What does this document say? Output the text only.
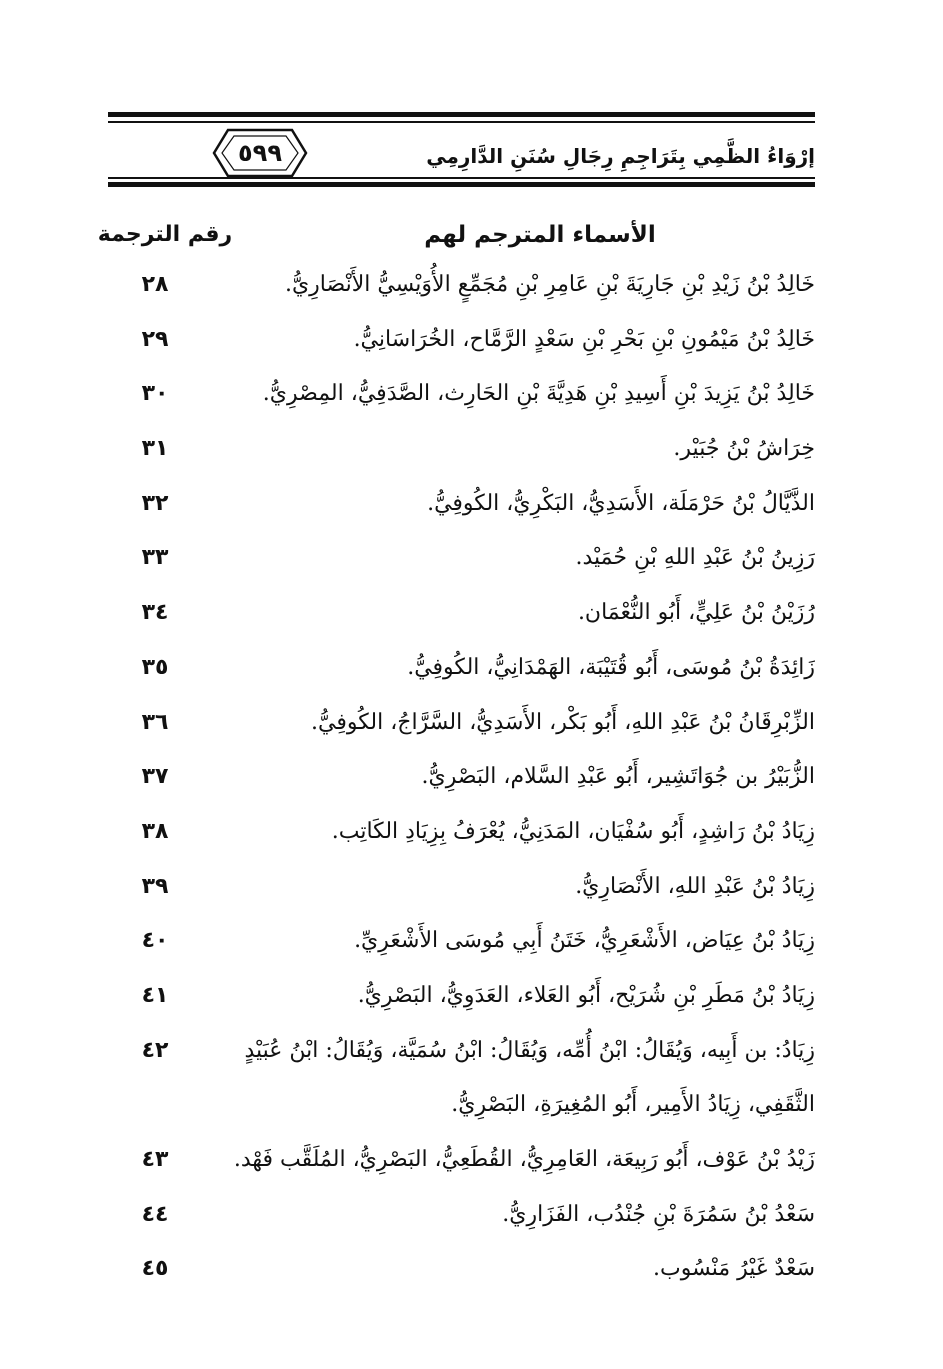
٥٩٩	إرْوَاءُ الظَّمِي بِتَرَاجِمِ رِجَالِ سُنَنِ الدَّارِمِي
الأسماء المترجم لهم
رقم الترجمة
خَالِدُ بْنُ زَيْدِ بْنِ جَارِيَةَ بْنِ عَامِرِ بْنِ مُجَمِّعٍ الأُوَيْسِيُّ الأَنْصَارِيُّ.
٢٨
خَالِدُ بْنُ مَيْمُونِ بْنِ بَحْرِ بْنِ سَعْدٍ الرَّمَّاح، الخُرَاسَانِيُّ.
٢٩
خَالِدُ بْنُ يَزِيدَ بْنِ أَسِيدِ بْنِ هَدِيَّةَ بْنِ الحَارِث، الصَّدَفِيُّ، المِصْرِيُّ.
٣٠
خِرَاشُ بْنُ جُبَيْر.
٣١
الذَّيَّالُ بْنُ حَرْمَلَة، الأَسَدِيُّ، البَكْرِيُّ، الكُوفِيُّ.
٣٢
رَزِينُ بْنُ عَبْدِ اللهِ بْنِ حُمَيْد.
٣٣
رُزَيْنُ بْنُ عَلِيٍّ، أَبُو النُّعْمَان.
٣٤
زَائِدَةُ بْنُ مُوسَى، أَبُو قُتَيْبَة، الهَمْدَانِيُّ، الكُوفِيُّ.
٣٥
الزِّبْرِقَانُ بْنُ عَبْدِ اللهِ، أَبُو بَكْر، الأَسَدِيُّ، السَّرَّاجُ، الكُوفِيُّ.
٣٦
الزُّبَيْرُ بن جُوَاتَشِير، أَبُو عَبْدِ السَّلام، البَصْرِيُّ.
٣٧
زِيَادُ بْنُ رَاشِدٍ، أَبُو سُفْيَان، المَدَنِيُّ، يُعْرَفُ بِزِيَادِ الكَاتِب.
٣٨
زِيَادُ بْنُ عَبْدِ اللهِ، الأَنْصَارِيُّ.
٣٩
زِيَادُ بْنُ عِيَاض، الأَشْعَرِيُّ، خَتَنُ أَبِي مُوسَى الأَشْعَرِيِّ.
٤٠
زِيَادُ بْنُ مَطَرِ بْنِ شُرَيْح، أَبُو العَلاء، العَدَوِيُّ، البَصْرِيُّ.
٤١
زِيَادُ: بن أَبِيه، وَيُقَالُ: ابْنُ أُمِّه، وَيُقَالُ: ابْنُ سُمَيَّة، وَيُقَالُ: ابْنُ عُبَيْدٍ الثَّقَفِي، زِيَادُ الأَمِير، أَبُو المُغِيرَةِ، البَصْرِيُّ.
٤٢
زَيْدُ بْنُ عَوْف، أَبُو رَبِيعَة، العَامِرِيُّ، القُطَعِيُّ، البَصْرِيُّ، المُلَقَّب فَهْد.
٤٣
سَعْدُ بْنُ سَمُرَةَ بْنِ جُنْدُب، الفَزَارِيُّ.
٤٤
سَعْدٌ غَيْرُ مَنْسُوب.
٤٥
